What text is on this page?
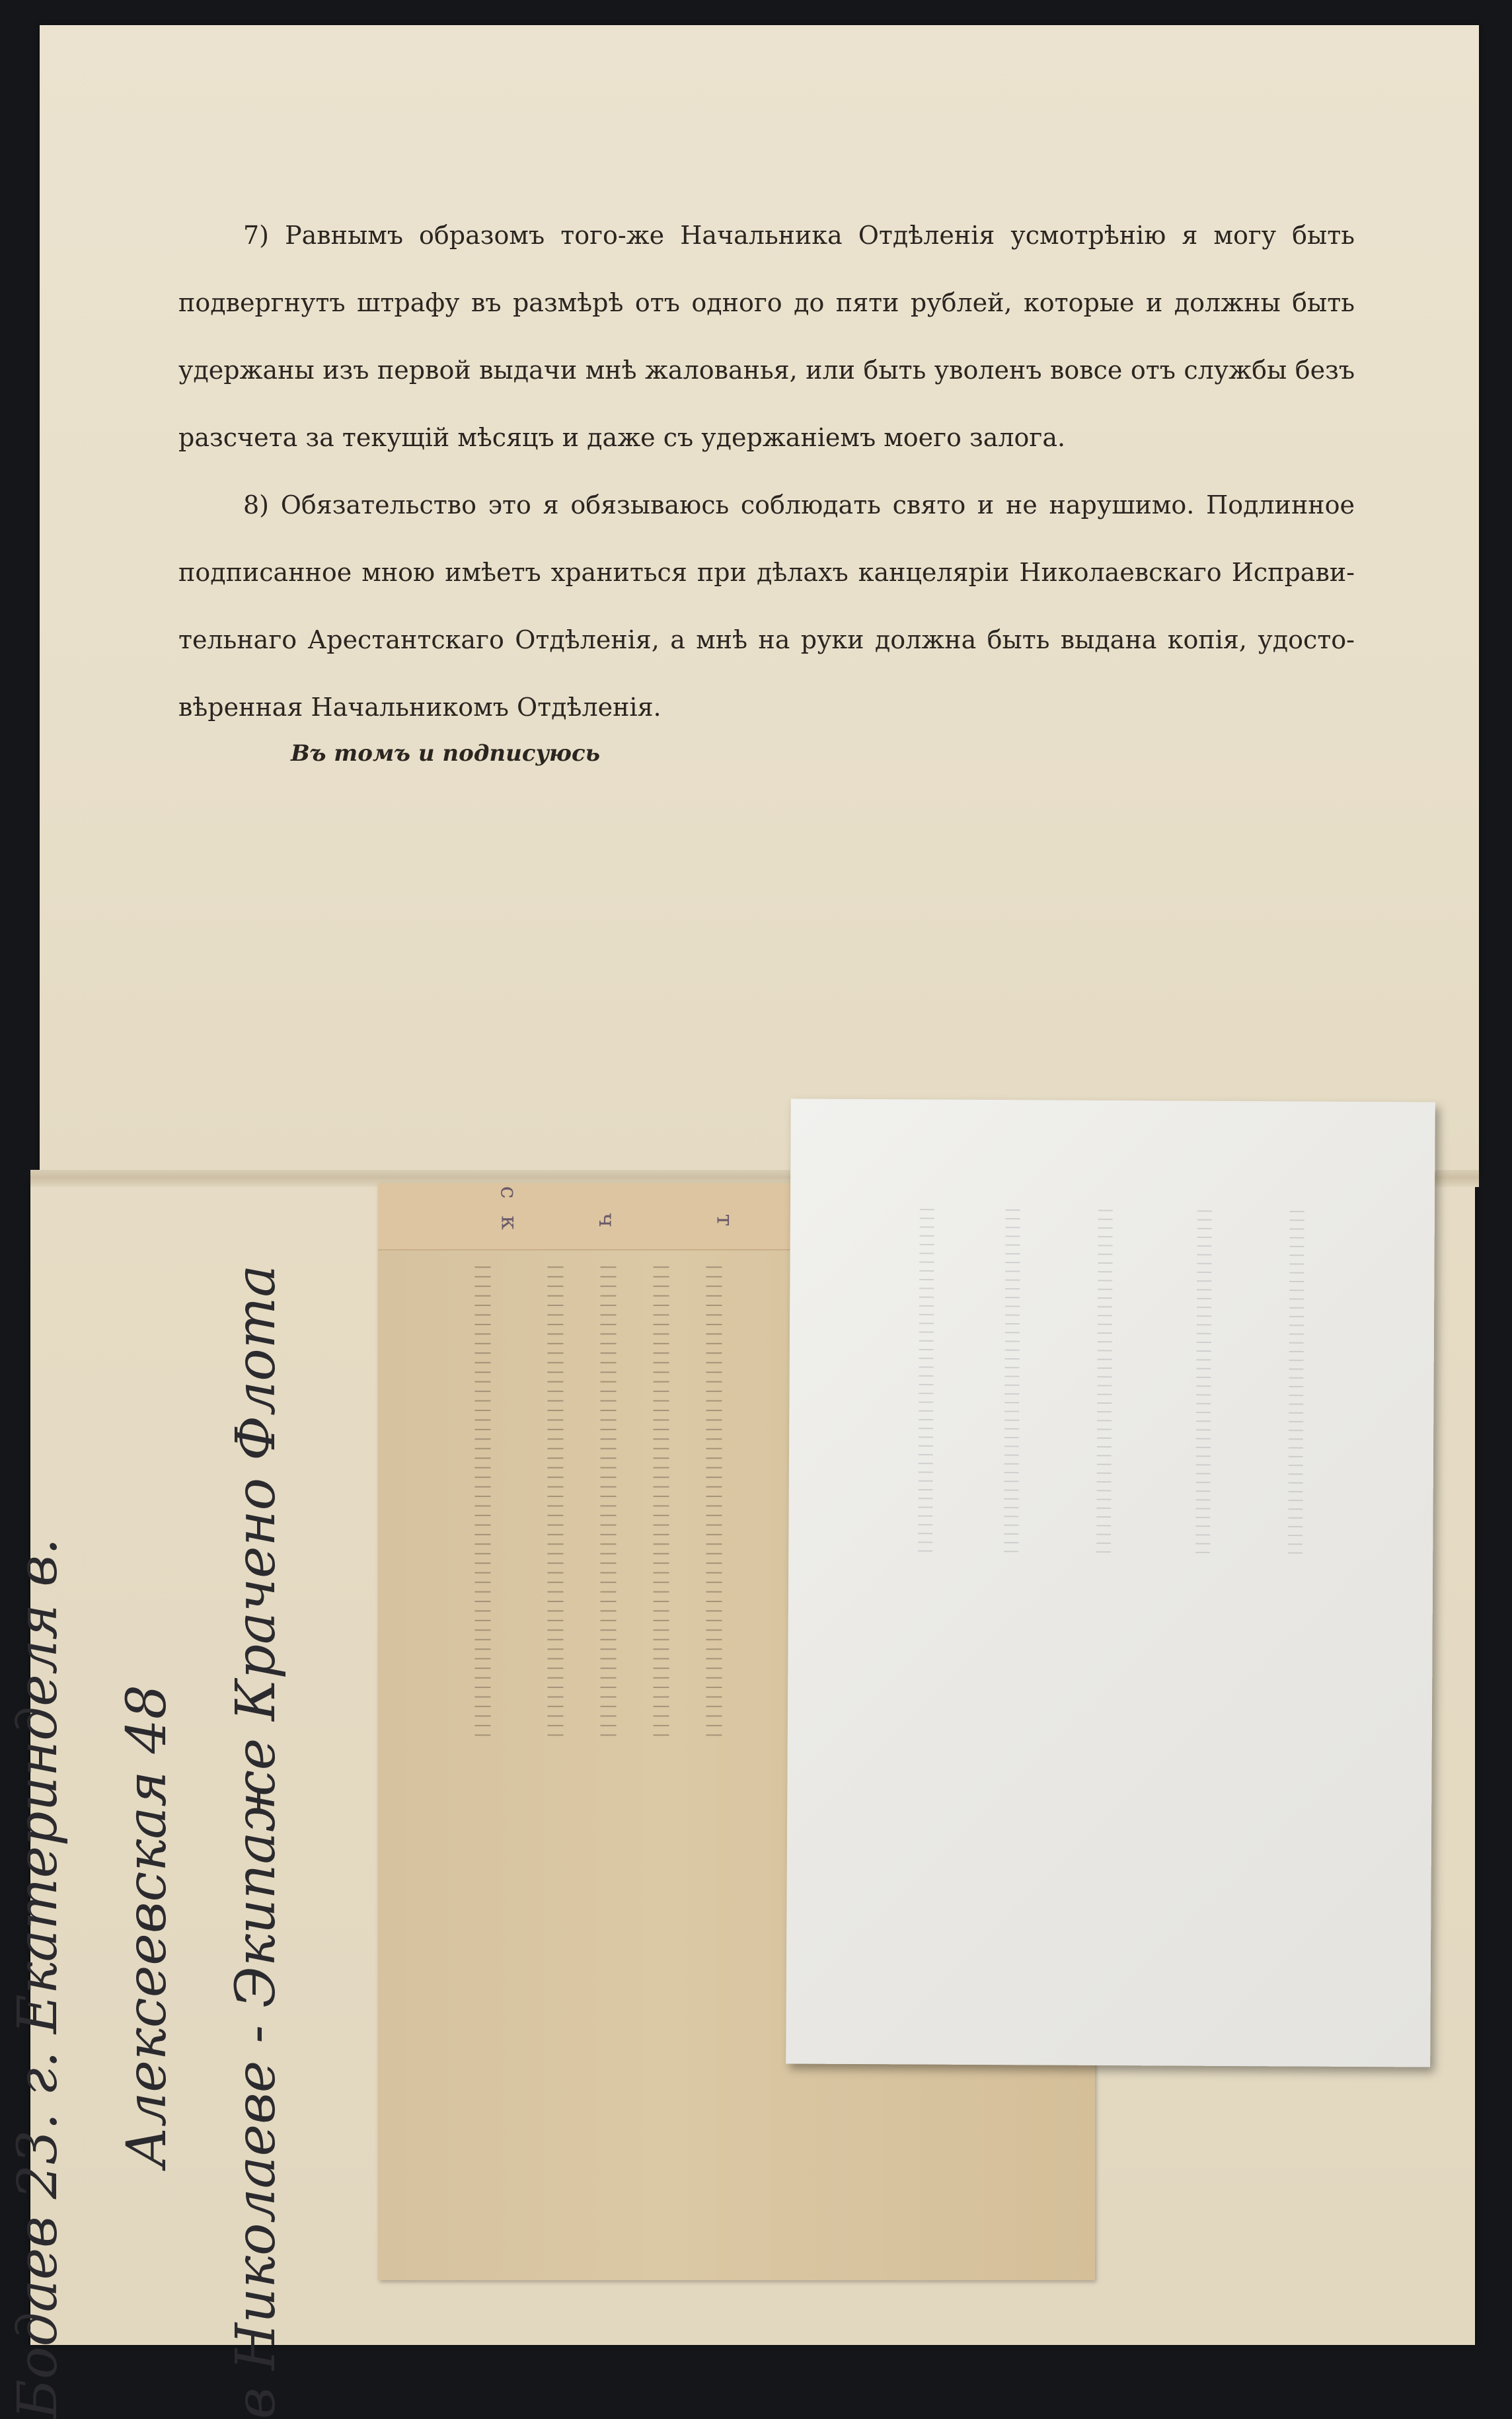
7) Равнымъ образомъ того-же Начальника Отдѣленія усмотрѣнію я могу быть
подвергнутъ штрафу въ размѣрѣ отъ одного до пяти рублей, которые и должны быть
удержаны изъ первой выдачи мнѣ жалованья, или быть уволенъ вовсе отъ службы безъ
разсчета за текущій мѣсяцъ и даже съ удержаніемъ моего залога.
8) Обязательство это я обязываюсь соблюдать свято и не нарушимо. Подлинное
подписанное мною имѣетъ храниться при дѣлахъ канцеляріи Николаевскаго Исправи-
тельнаго Арестантскаго Отдѣленія, а мнѣ на руки должна быть выдана копія, удосто-
вѣренная Начальникомъ Отдѣленія.
Въ томъ и подписуюсь
к
с
ч	т
||||||||||||||||||||||||||||||||||||||||||||||||||	|||||||||||||||||||||||||||||||||||||||||||||||||| |||||||||||||||||||||||||||||||||||||||||||||||||| |||||||||||||||||||||||||||||||||||||||||||||||||| ||||||||||||||||||||||||||||||||||||||||||||||||||	||||||||||||||||||||||||||||||||||||||||	||||||||||||||||||||||||||||||||||||||||	||||||||||||||||||||||||||||||||||||||||	||||||||||||||||||||||||||||||||||||||||	||||||||||||||||||||||||||||||||||||||||
Бодаев 23. г. Екатеринделя в. Алексеевская 48 в Николаеве - Экипаже Крачено Флота
